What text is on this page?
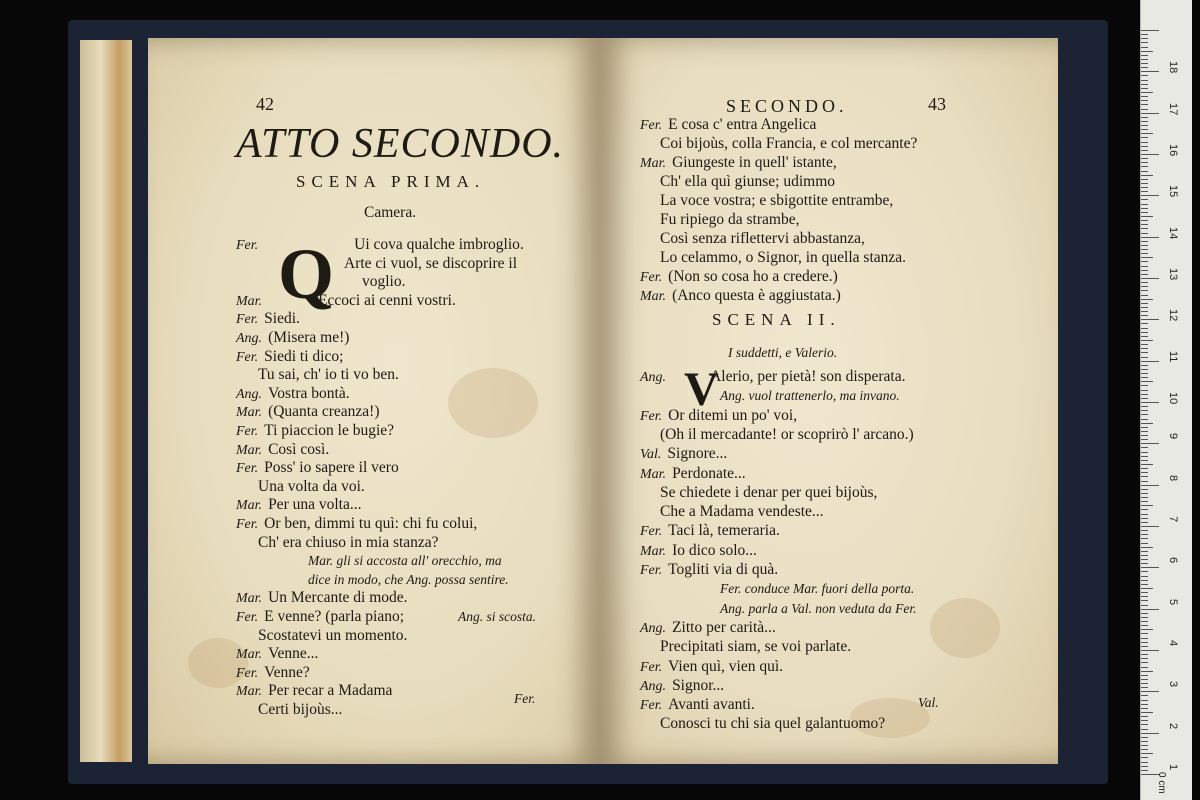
42
ATTO SECONDO.
SCENA PRIMA.
Camera.
Q
Fer.	Ui cova qualche imbroglio.
Arte ci vuol, se discoprire il
voglio.
Mar.	Eccoci ai cenni vostri.
Fer. Siedi.
Ang. (Misera me!)
Fer. Siedi ti dico;
Tu sai, ch' io ti vo ben.
Ang. Vostra bontà.
Mar. (Quanta creanza!)
Fer. Ti piaccion le bugie?
Mar. Così così.
Fer. Poss' io sapere il vero
Una volta da voi.
Mar. Per una volta...
Fer. Or ben, dimmi tu quì: chi fu colui,
Ch' era chiuso in mia stanza?
Mar. gli si accosta all' orecchio, ma
dice in modo, che Ang. possa sentire.
Mar. Un Mercante di mode.
Fer. E venne? (parla piano;
Scostatevi un momento.
Mar. Venne...
Fer. Venne?
Mar. Per recar a Madama
Certi bijoùs...
Ang. si scosta.
Fer.
SECONDO.	43
Fer. E cosa c' entra Angelica
Coi bijoùs, colla Francia, e col mercante?
Mar. Giungeste in quell' istante,
Ch' ella quì giunse; udimmo
La voce vostra; e sbigottite entrambe,
Fu ripiego da strambe,
Così senza riflettervi abbastanza,
Lo celammo, o Signor, in quella stanza.
Fer. (Non so cosa ho a credere.)
Mar. (Anco questa è aggiustata.)
SCENA II.
I suddetti, e Valerio.
V
Ang.	Alerio, per pietà! son disperata.
Ang. vuol trattenerlo, ma invano.
Fer. Or ditemi un po' voi,
(Oh il mercadante! or scoprirò l' arcano.)
Val. Signore...
Mar. Perdonate...
Se chiedete i denar per quei bijoùs,
Che a Madama vendeste...
Fer. Taci là, temeraria.
Mar. Io dico solo...
Fer. Togliti via di quà.
Fer. conduce Mar. fuori della porta.
Ang. parla a Val. non veduta da Fer.
Ang. Zitto per carità...
Precipitati siam, se voi parlate.
Fer. Vien quì, vien quì.
Ang. Signor...
Fer. Avanti avanti.
Conosci tu chi sia quel galantuomo?
Val.
18
17
16
15
14
13
12
11
10
9
8
7
6
5
4
3
2
1
0 cm
